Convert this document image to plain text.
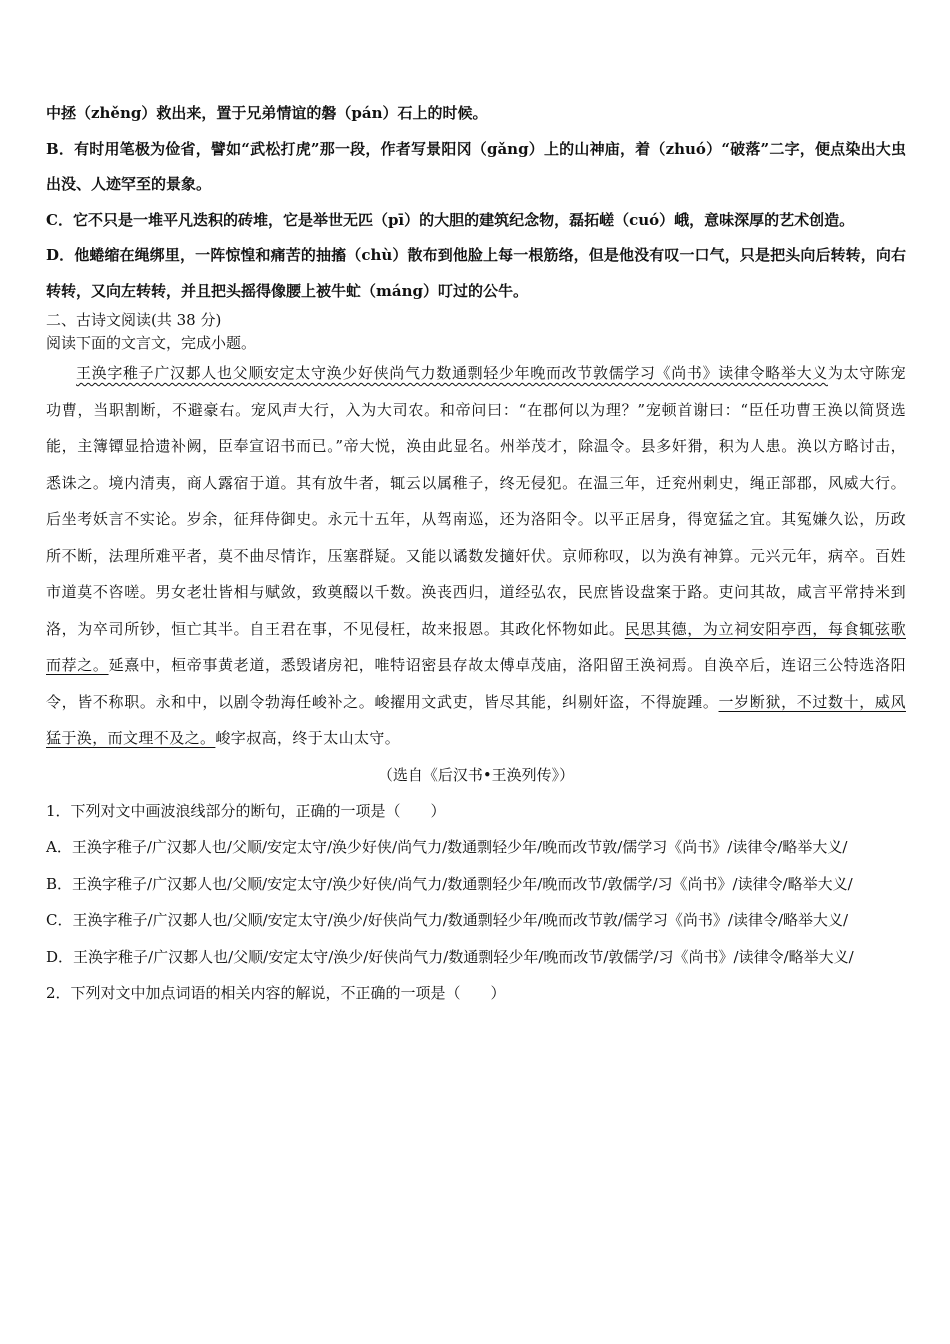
中拯（zhěng）救出来，置于兄弟情谊的磐（pán）石上的时候。

B．有时用笔极为俭省，譬如“武松打虎”那一段，作者写景阳冈（gǎng）上的山神庙，着（zhuó）“破落”二字，便点染出大虫出没、人迹罕至的景象。

C．它不只是一堆平凡迭积的砖堆，它是举世无匹（pī）的大胆的建筑纪念物，磊拓嵯（cuó）峨，意味深厚的艺术创造。

D．他蜷缩在绳绑里，一阵惊惶和痛苦的抽搐（chù）散布到他脸上每一根筋络，但是他没有叹一口气，只是把头向后转转，向右转转，又向左转转，并且把头摇得像腰上被牛虻（máng）叮过的公牛。

二、古诗文阅读(共 38 分)

阅读下面的文言文，完成小题。

王涣字稚子广汉郪人也父顺安定太守涣少好侠尚气力数通剽轻少年晚而改节敦儒学习《尚书》读律令略举大义为太守陈宠功曹，当职割断，不避豪右。宠风声大行，入为大司农。和帝问曰：“在郡何以为理？”宠顿首谢曰：“臣任功曹王涣以简贤选能，主簿镡显拾遗补阙，臣奉宣诏书而已。”帝大悦，涣由此显名。州举茂才，除温令。县多奸猾，积为人患。涣以方略讨击，悉诛之。境内清夷，商人露宿于道。其有放牛者，辄云以属稚子，终无侵犯。在温三年，迁兖州刺史，绳正部郡，风威大行。后坐考妖言不实论。岁余，征拜侍御史。永元十五年，从驾南巡，还为洛阳令。以平正居身，得宽猛之宜。其冤嫌久讼，历政所不断，法理所难平者，莫不曲尽情诈，压塞群疑。又能以谲数发擿奸伏。京师称叹，以为涣有神算。元兴元年，病卒。百姓市道莫不咨嗟。男女老壮皆相与赋敛，致奠醊以千数。涣丧西归，道经弘农，民庶皆设盘案于路。吏问其故，咸言平常持米到洛，为卒司所钞，恒亡其半。自王君在事，不见侵枉，故来报恩。其政化怀物如此。民思其德，为立祠安阳亭西，每食辄弦歌而荐之。延熹中，桓帝事黄老道，悉毁诸房祀，唯特诏密县存故太傅卓茂庙，洛阳留王涣祠焉。自涣卒后，连诏三公特选洛阳令，皆不称职。永和中，以剧令勃海任峻补之。峻擢用文武吏，皆尽其能，纠剔奸盗，不得旋踵。一岁断狱，不过数十，威风猛于涣，而文理不及之。峻字叔高，终于太山太守。

（选自《后汉书•王涣列传》）

1．下列对文中画波浪线部分的断句，正确的一项是（　　）

A．王涣字稚子/广汉郪人也/父顺/安定太守/涣少好侠/尚气力/数通剽轻少年/晚而改节敦/儒学习《尚书》/读律令/略举大义/

B．王涣字稚子/广汉郪人也/父顺/安定太守/涣少好侠/尚气力/数通剽轻少年/晚而改节/敦儒学/习《尚书》/读律令/略举大义/

C．王涣字稚子/广汉郪人也/父顺/安定太守/涣少/好侠尚气力/数通剽轻少年/晚而改节敦/儒学习《尚书》/读律令/略举大义/

D．王涣字稚子/广汉郪人也/父顺/安定太守/涣少/好侠尚气力/数通剽轻少年/晚而改节/敦儒学/习《尚书》/读律令/略举大义/

2．下列对文中加点词语的相关内容的解说，不正确的一项是（　　）
